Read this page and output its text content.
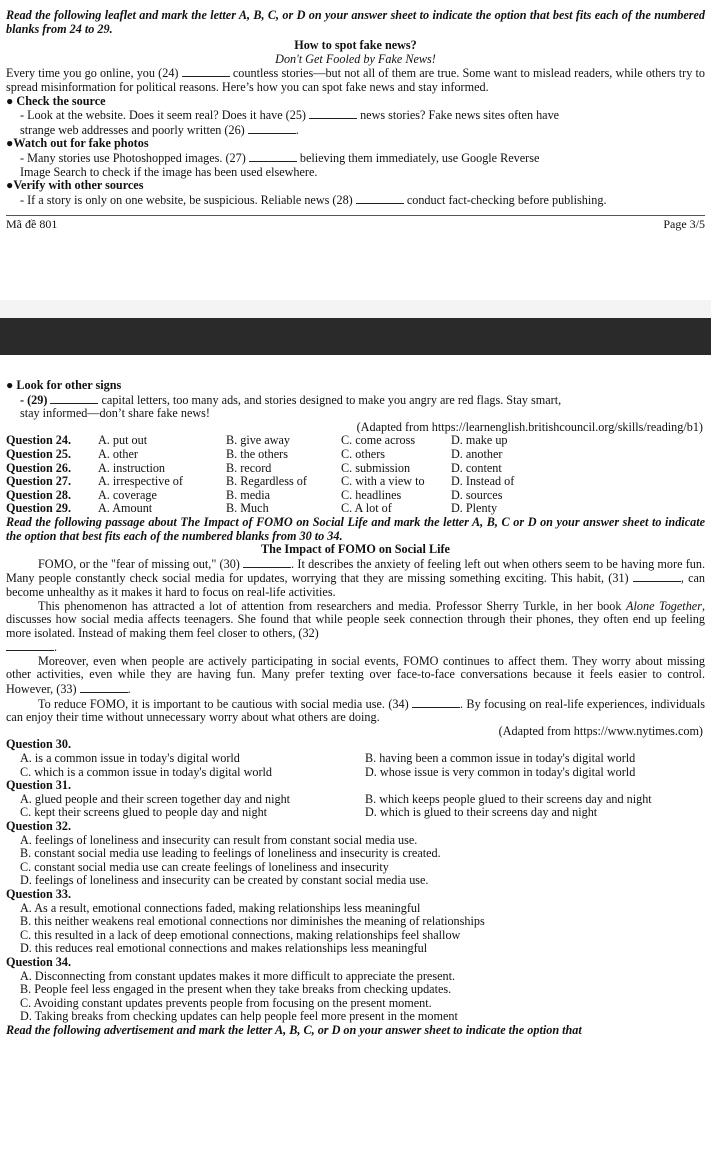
Read the following leaflet and mark the letter A, B, C, or D on your answer sheet to indicate the option that best fits each of the numbered blanks from 24 to 29.
How to spot fake news?
Don't Get Fooled by Fake News!
Every time you go online, you (24)	countless stories—but not all of them are true. Some want to mislead readers, while others try to spread misinformation for political reasons. Here’s how you can spot fake news and stay informed.
● Check the source
- Look at the website. Does it seem real? Does it have (25)	news stories? Fake news sites often have
strange web addresses and poorly written (26)	.
●Watch out for fake photos
- Many stories use Photoshopped images. (27)	believing them immediately, use Google Reverse
Image Search to check if the image has been used elsewhere.
●Verify with other sources
- If a story is only on one website, be suspicious. Reliable news (28)	conduct fact-checking before publishing.
Mã đề 801	Page 3/5
● Look for other signs
- (29)	capital letters, too many ads, and stories designed to make you angry are red flags. Stay smart,
stay informed—don’t share fake news!
(Adapted from https://learnenglish.britishcouncil.org/skills/reading/b1)
Question 24.	A. put out	B. give away	C. come across	D. make up
Question 25.	A. other	B. the others	C. others	D. another
Question 26.	A. instruction	B. record	C. submission	D. content
Question 27.	A. irrespective of	B. Regardless of	C. with a view to	D. Instead of
Question 28.	A. coverage	B. media	C. headlines	D. sources
Question 29.	A. Amount	B. Much	C. A lot of	D. Plenty
Read the following passage about The Impact of FOMO on Social Life and mark the letter A, B, C or D on your answer sheet to indicate the option that best fits each of the numbered blanks from 30 to 34.
The Impact of FOMO on Social Life
FOMO, or the "fear of missing out," (30)	. It describes the anxiety of feeling left out when others seem to be having more fun. Many people constantly check social media for updates, worrying that they are missing something exciting. This habit, (31)	, can become unhealthy as it makes it hard to focus on real-life activities.
This phenomenon has attracted a lot of attention from researchers and media. Professor Sherry Turkle, in her book Alone Together, discusses how social media affects teenagers. She found that while people seek connection through their phones, they often end up feeling more isolated. Instead of making them feel closer to others, (32)
.
Moreover, even when people are actively participating in social events, FOMO continues to affect them. They worry about missing other activities, even while they are having fun. Many prefer texting over face-to-face conversations because it feels easier to control. However, (33)	.
To reduce FOMO, it is important to be cautious with social media use. (34)	. By focusing on real-life experiences, individuals can enjoy their time without unnecessary worry about what others are doing.
(Adapted from https://www.nytimes.com)
Question 30.
A. is a common issue in today's digital world	B. having been a common issue in today's digital world
C. which is a common issue in today's digital world	D. whose issue is very common in today's digital world
Question 31.
A. glued people and their screen together day and night	B. which keeps people glued to their screens day and night
C. kept their screens glued to people day and night	D. which is glued to their screens day and night
Question 32.
A. feelings of loneliness and insecurity can result from constant social media use.
B. constant social media use leading to feelings of loneliness and insecurity is created.
C. constant social media use can create feelings of loneliness and insecurity
D. feelings of loneliness and insecurity can be created by constant social media use.
Question 33.
A. As a result, emotional connections faded, making relationships less meaningful
B. this neither weakens real emotional connections nor diminishes the meaning of relationships
C. this resulted in a lack of deep emotional connections, making relationships feel shallow
D. this reduces real emotional connections and makes relationships less meaningful
Question 34.
A. Disconnecting from constant updates makes it more difficult to appreciate the present.
B. People feel less engaged in the present when they take breaks from checking updates.
C. Avoiding constant updates prevents people from focusing on the present moment.
D. Taking breaks from checking updates can help people feel more present in the moment
Read the following advertisement and mark the letter A, B, C, or D on your answer sheet to indicate the option that
